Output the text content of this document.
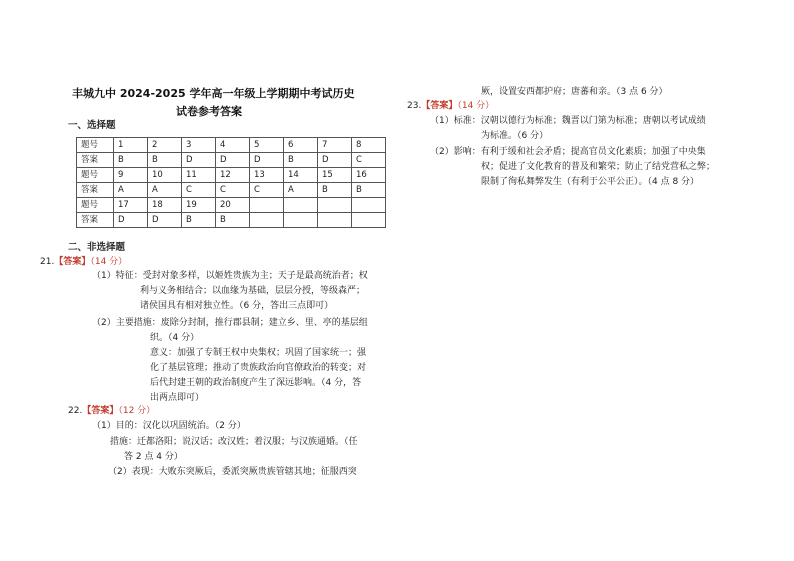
丰城九中 2024-2025 学年高一年级上学期期中考试历史
试卷参考答案
一、选择题
题号	1	2	3	4	5	6	7	8
答案	B	B	D	D	D	B	D	C
题号	9	10	11	12	13	14	15	16
答案	A	A	C	C	C	A	B	B
题号	17	18	19	20				
答案	D	D	B	B				
二、非选择题
21.【答案】（14 分）
（1）特征：受封对象多样，以姬姓贵族为主；天子是最高统治者；权
利与义务相结合；以血缘为基础，层层分授，等级森严；
诸侯国具有相对独立性。（6 分，答出三点即可）
（2）主要措施：废除分封制，推行郡县制；建立乡、里、亭的基层组
织。（4 分）
意义：加强了专制王权中央集权；巩固了国家统一；强
化了基层管理；推动了贵族政治向官僚政治的转变；对
后代封建王朝的政治制度产生了深远影响。（4 分，答
出两点即可）
22.【答案】（12 分）
（1）目的：汉化以巩固统治。（2 分）
措施：迁都洛阳；说汉话；改汉姓；着汉服；与汉族通婚。（任
答 2 点 4 分）
（2）表现：大败东突厥后，委派突厥贵族管辖其地；征服西突
厥，设置安西都护府；唐蕃和亲。（3 点 6 分）
23.【答案】（14 分）
（1）标准：汉朝以德行为标准；魏晋以门第为标准；唐朝以考试成绩
为标准。（6 分）
（2）影响：有利于缓和社会矛盾；提高官员文化素质；加强了中央集
权；促进了文化教育的普及和繁荣；防止了结党营私之弊；
限制了徇私舞弊发生（有利于公平公正）。（4 点 8 分）
